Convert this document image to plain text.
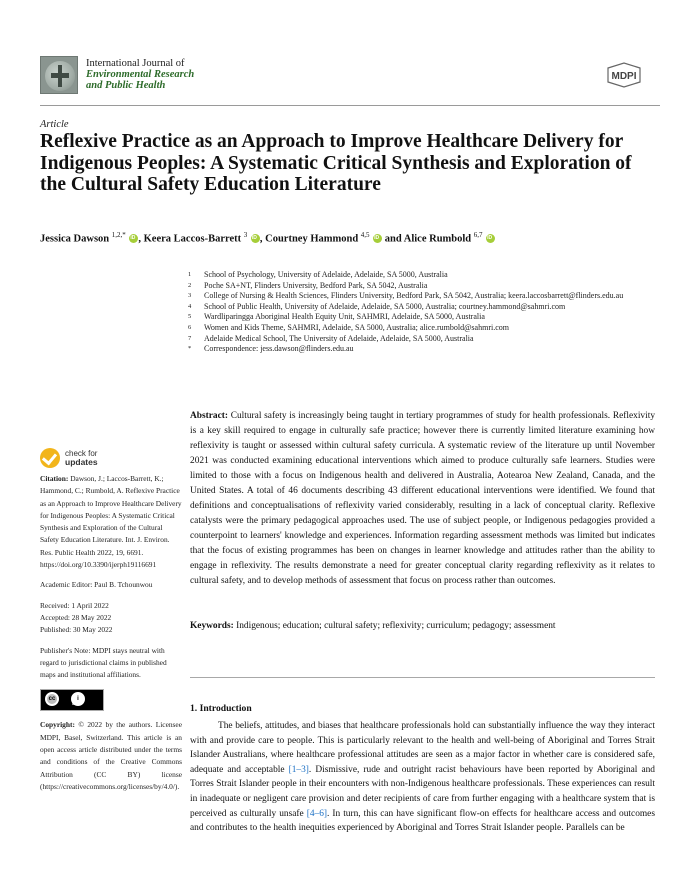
International Journal of
Environmental Research
and Public Health
MDPI
Article
Reflexive Practice as an Approach to Improve Healthcare Delivery for Indigenous Peoples: A Systematic Critical Synthesis and Exploration of the Cultural Safety Education Literature
Jessica Dawson $^{1,2,*}$ iD , Keera Laccos-Barrett $^3$ iD , Courtney Hammond $^{4,5}$ iD and Alice Rumbold $^{6,7}$ iD
1	School of Psychology, University of Adelaide, Adelaide, SA 5000, Australia
2	Poche SA+NT, Flinders University, Bedford Park, SA 5042, Australia
3	College of Nursing & Health Sciences, Flinders University, Bedford Park, SA 5042, Australia; keera.laccosbarrett@flinders.edu.au
4	School of Public Health, University of Adelaide, Adelaide, SA 5000, Australia; courtney.hammond@sahmri.com
5	Wardliparingga Aboriginal Health Equity Unit, SAHMRI, Adelaide, SA 5000, Australia
6	Women and Kids Theme, SAHMRI, Adelaide, SA 5000, Australia; alice.rumbold@sahmri.com
7	Adelaide Medical School, The University of Adelaide, Adelaide, SA 5000, Australia
*	Correspondence: jess.dawson@flinders.edu.au
Abstract: Cultural safety is increasingly being taught in tertiary programmes of study for health professionals. Reflexivity is a key skill required to engage in culturally safe practice; however there is currently limited literature examining how reflexivity is taught or assessed within cultural safety curricula. A systematic review of the literature up until November 2021 was conducted examining educational interventions which aimed to produce culturally safe learners. Studies were limited to those with a focus on Indigenous health and delivered in Australia, Aotearoa New Zealand, Canada, and the United States. A total of 46 documents describing 43 different educational interventions were identified. We found that definitions and conceptualisations of reflexivity varied considerably, resulting in a lack of conceptual clarity. Reflexive catalysts were the primary pedagogical approaches used. The use of subject people, or Indigenous pedagogies provided a counterpoint to learners' knowledge and experiences. Information regarding assessment methods was limited but indicates that the focus of existing programmes has been on changes in learner knowledge and attitudes rather than the ability to engage in reflexivity. The results demonstrate a need for greater conceptual clarity regarding reflexivity as it relates to cultural safety, and to develop methods of assessment that focus on process rather than outcomes.
Keywords: Indigenous; education; cultural safety; reflexivity; curriculum; pedagogy; assessment
1. Introduction

The beliefs, attitudes, and biases that healthcare professionals hold can substantially influence the way they interact with and provide care to people. This is particularly relevant to the health and well-being of Aboriginal and Torres Strait Islander Australians, where healthcare professional attitudes are seen as a major factor in whether care is considered safe, adequate and acceptable [1–3]. Dismissive, rude and outright racist behaviours have been reported by Aboriginal and Torres Strait Islander people in their encounters with non-Indigenous healthcare professionals. These experiences can result in inadequate or negligent care provision and deter recipients of care from further engaging with a healthcare system that is perceived as culturally unsafe [4–6]. In turn, this can have significant flow-on effects for healthcare access and outcomes and contributes to the health inequities experienced by Aboriginal and Torres Strait Islander people. Parallels can be

check for
updates
Citation: Dawson, J.; Laccos-Barrett, K.; Hammond, C.; Rumbold, A. Reflexive Practice as an Approach to Improve Healthcare Delivery for Indigenous Peoples: A Systematic Critical Synthesis and Exploration of the Cultural Safety Education Literature. Int. J. Environ. Res. Public Health 2022, 19, 6691. https://doi.org/10.3390/ijerph19116691
Academic Editor: Paul B. Tchounwou
Received: 1 April 2022
Accepted: 28 May 2022
Published: 30 May 2022
Publisher's Note: MDPI stays neutral with regard to jurisdictional claims in published maps and institutional affiliations.
cc	i
BY
Copyright: © 2022 by the authors. Licensee MDPI, Basel, Switzerland. This article is an open access article distributed under the terms and conditions of the Creative Commons Attribution (CC BY) license (https://creativecommons.org/licenses/by/4.0/).
